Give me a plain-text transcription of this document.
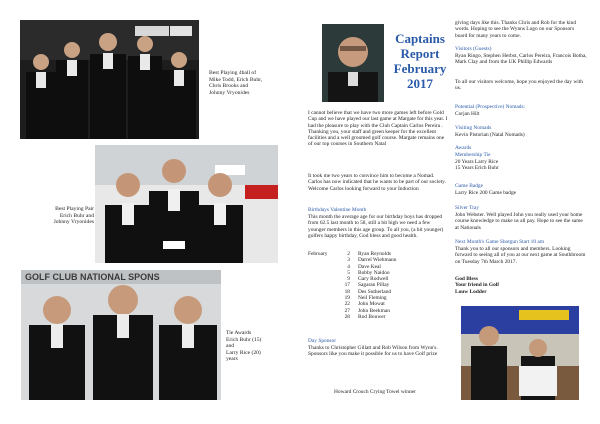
Best Playing 4ball of
Mike Todd, Erich Buhr,
Chris Brooks and
Johnny Vryonides
Best Playing Pair
Erich Buhr and
Johnny Vryonides
GOLF CLUB NATIONAL SPONS
Tie Awards
Erich Buhr (15)
and
Larry Rice (20)
years
Captains
Report
February
2017
I cannot believe that we have two more games left before Gold Cup and we have played our last game at Margate for this year. I had the pleasure to play with the Club Captain Carlos Pereira . Thanking you, your staff and green keeper for the excellent facilities and a well groomed golf course. Margate remains one of our top courses in Southern Natal
It took me two years to convince him to become a Nomad. Carlos has now indicated that he wants to be part of our society. Welcome Carlos looking forward to your Induction
Birthdays Valentine Month
This month the average age for our birthday boys has dropped from 62.5 last month to 58, still a bit high we need a few younger members in this age group. To all you, (a bit younger) golfers happy birthday, God bless and good health.
February	2	Ryan Reynolds
3	Darrel Wiehmann
4	Dave Keal
5	Bobby Naidoo
9	Gary Rodwell
17	Sagaran Pillay
18	Des Sutherland
19	Neil Fleming
22	John Mowat
27	John Beekman
28	Rod Bouwer
Day Sponsor
Thanks to Christopher Gillatt and Rob Wilson from Wynn's. Sponsors like you make it possible for us to have Golf prize
Howard Crouch Crying Towel winner
giving days like this. Thanks Chris and Rob for the kind words. Hoping to see the Wynns Logo on our Sponsors board for many years to come.
Visitors (Guests)
Ryan Ringo, Stephen Herbst, Carlos Pereira, Francois Botha, Mark Clay and from the UK Phillip Edwards
To all our visitors welcome, hope you enjoyed the day with us.
Potential (Prospective) Nomads:
Corjan Hilt
Visiting Nomads
Kevin Pistorian (Natal Nomads)
Awards
Membership Tie
20 Years Larry Rice
15 Years Erich Buhr
Game Badge
Larry Rice 200 Game badge
Silver Tray
John Webster. Well played John you really used your home course knowledge to make us all pay. Hope to see the same at Nationals
Next Month's Game Shotgun Start 10 am
Thank you to all our sponsors and members. Looking forward to seeing all of you at our next game at Southbroom on Tuesday 7th March 2017.
God Bless
Your friend in Golf
Louw Lodder
